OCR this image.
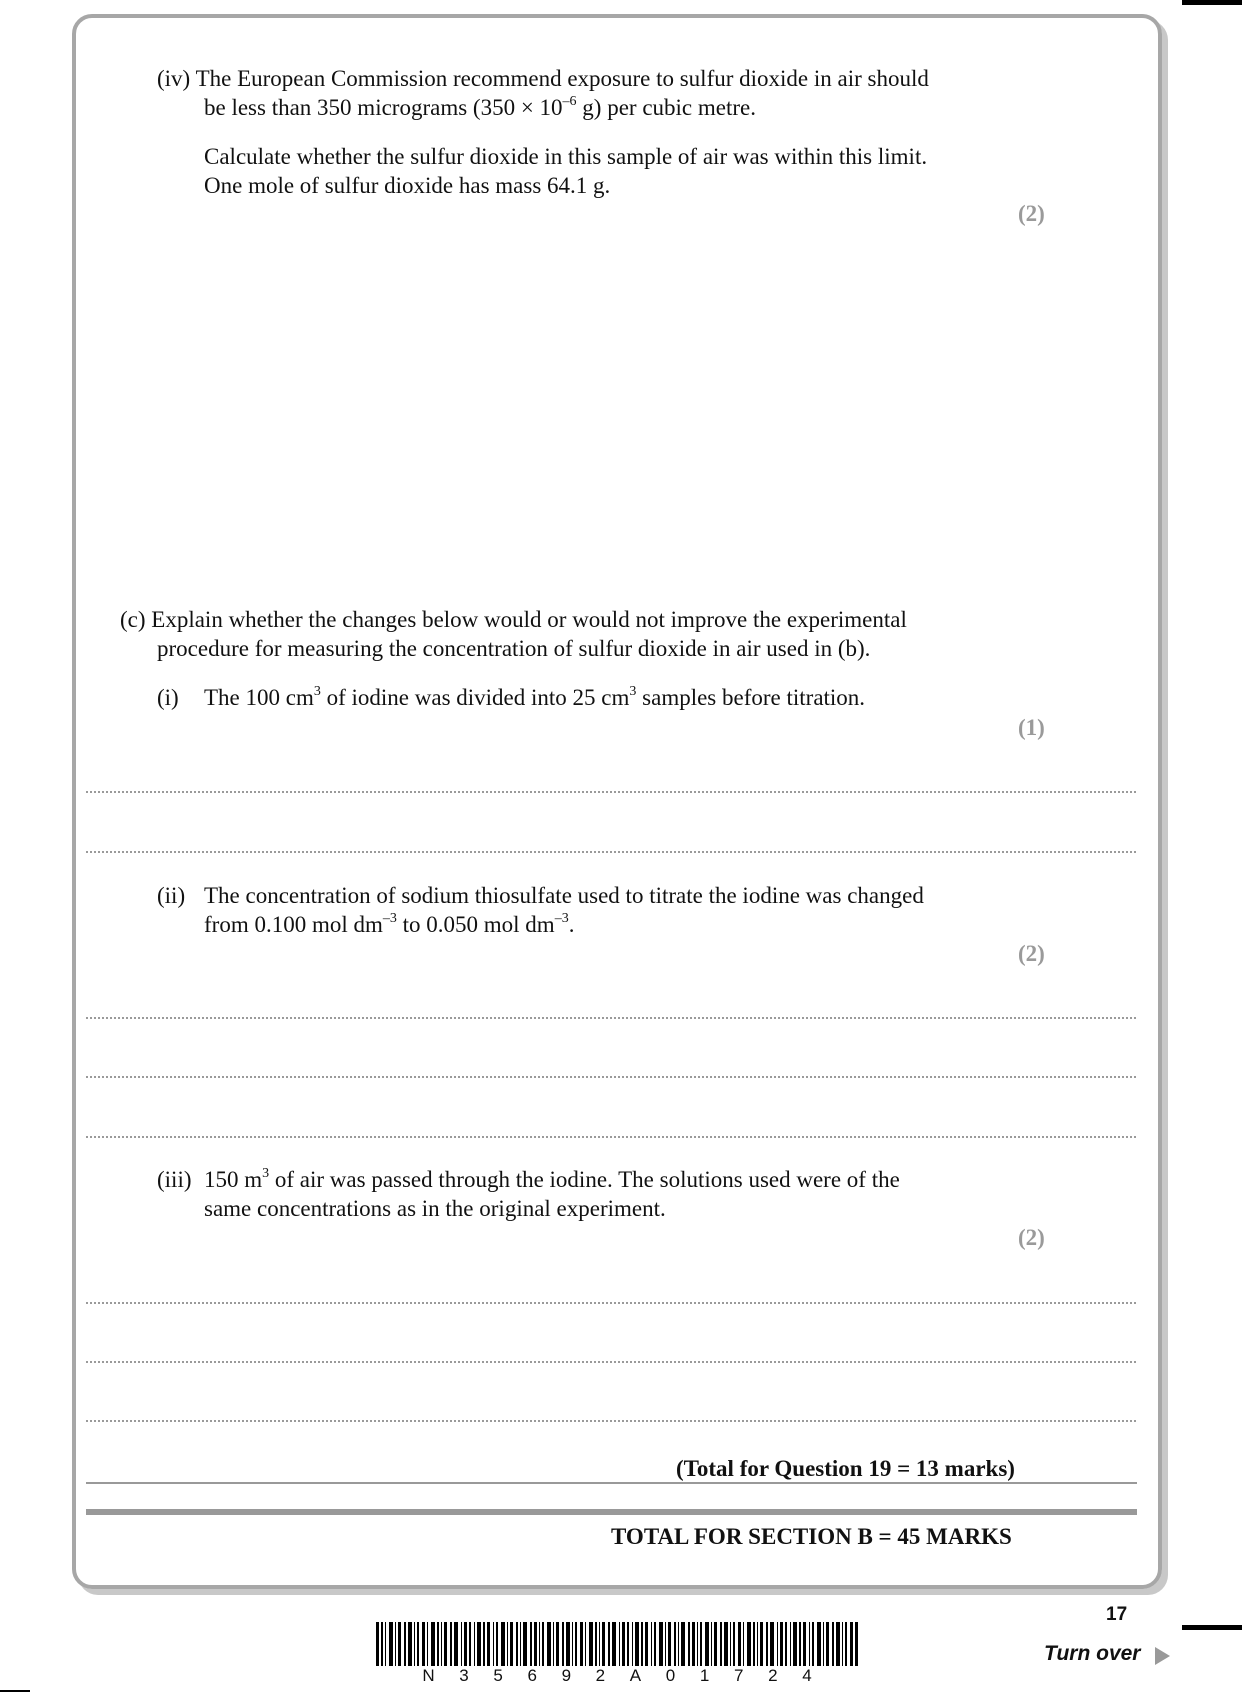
(iv) The European Commission recommend exposure to sulfur dioxide in air should
be less than 350 micrograms ($350 \times 10^{-6}$ g) per cubic metre.
Calculate whether the sulfur dioxide in this sample of air was within this limit.
One mole of sulfur dioxide has mass 64.1 g.
(2)
(c) Explain whether the changes below would or would not improve the experimental
procedure for measuring the concentration of sulfur dioxide in air used in (b).
(i) The 100 $cm^3$ of iodine was divided into 25 $cm^3$ samples before titration.
(1)
(ii) The concentration of sodium thiosulfate used to titrate the iodine was changed
from 0.100 mol $dm^{-3}$ to 0.050 mol $dm^{-3}$.
(2)
(iii) 150 $m^3$ of air was passed through the iodine. The solutions used were of the
same concentrations as in the original experiment.
(2)
(Total for Question 19 = 13 marks)
TOTAL FOR SECTION B = 45 MARKS
17
Turn over
N 3 5 6 9 2 A 0 1 7 2 4
